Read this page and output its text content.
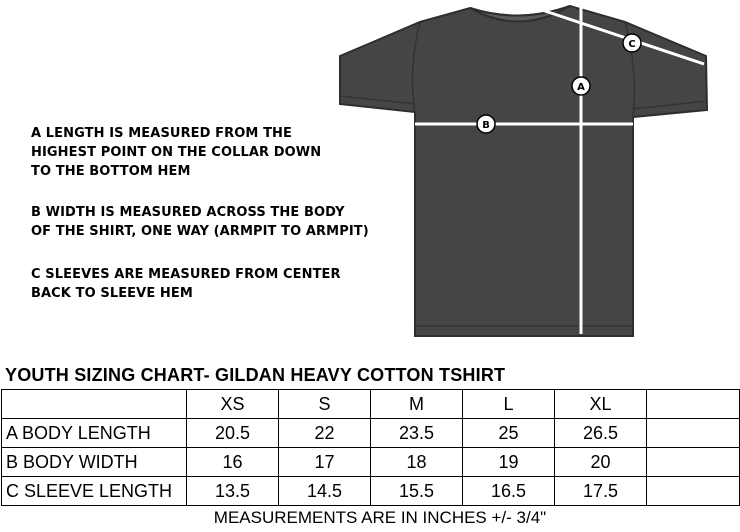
A
B
C

A LENGTH IS MEASURED FROM THE
HIGHEST POINT ON THE COLLAR DOWN
TO THE BOTTOM HEM

B WIDTH IS MEASURED ACROSS THE BODY
OF THE SHIRT, ONE WAY (ARMPIT TO ARMPIT)

C SLEEVES ARE MEASURED FROM CENTER
BACK TO SLEEVE HEM

YOUTH SIZING CHART- GILDAN HEAVY COTTON TSHIRT
	XS	S	M	L	XL	
A BODY LENGTH	20.5	22	23.5	25	26.5	
B BODY WIDTH	16	17	18	19	20	
C SLEEVE LENGTH	13.5	14.5	15.5	16.5	17.5	

MEASUREMENTS ARE IN INCHES +/- 3/4"
